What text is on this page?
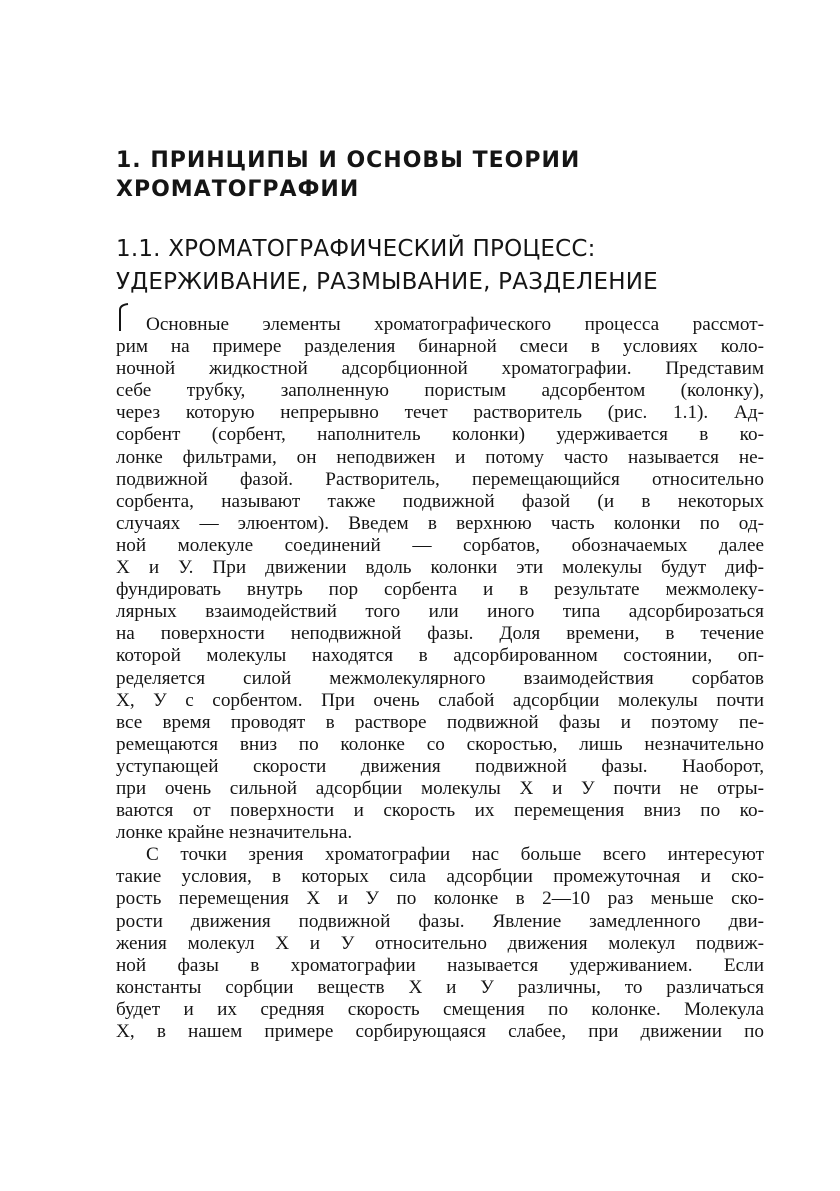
1. ПРИНЦИПЫ И ОСНОВЫ ТЕОРИИ
ХРОМАТОГРАФИИ
1.1. ХРОМАТОГРАФИЧЕСКИЙ ПРОЦЕСС:
УДЕРЖИВАНИЕ, РАЗМЫВАНИЕ, РАЗДЕЛЕНИЕ
Основные элементы хроматографического процесса рассмот-
рим на примере разделения бинарной смеси в условиях коло-
ночной жидкостной адсорбционной хроматографии. Представим
себе трубку, заполненную пористым адсорбентом (колонку),
через которую непрерывно течет растворитель (рис. 1.1). Ад-
сорбент (сорбент, наполнитель колонки) удерживается в ко-
лонке фильтрами, он неподвижен и потому часто называется не-
подвижной фазой. Растворитель, перемещающийся относительно
сорбента, называют также подвижной фазой (и в некоторых
случаях — элюентом). Введем в верхнюю часть колонки по од-
ной молекуле соединений — сорбатов, обозначаемых далее
X и У. При движении вдоль колонки эти молекулы будут диф-
фундировать внутрь пор сорбента и в результате межмолеку-
лярных взаимодействий того или иного типа адсорбирозаться
на поверхности неподвижной фазы. Доля времени, в течение
которой молекулы находятся в адсорбированном состоянии, оп-
ределяется силой межмолекулярного взаимодействия сорбатов
X, У с сорбентом. При очень слабой адсорбции молекулы почти
все время проводят в растворе подвижной фазы и поэтому пе-
ремещаются вниз по колонке со скоростью, лишь незначительно
уступающей скорости движения подвижной фазы. Наоборот,
при очень сильной адсорбции молекулы X и У почти не отры-
ваются от поверхности и скорость их перемещения вниз по ко-
лонке крайне незначительна.
С точки зрения хроматографии нас больше всего интересуют
такие условия, в которых сила адсорбции промежуточная и ско-
рость перемещения X и У по колонке в 2—10 раз меньше ско-
рости движения подвижной фазы. Явление замедленного дви-
жения молекул X и У относительно движения молекул подвиж-
ной фазы в хроматографии называется удерживанием. Если
константы сорбции веществ X и У различны, то различаться
будет и их средняя скорость смещения по колонке. Молекула
X, в нашем примере сорбирующаяся слабее, при движении по
